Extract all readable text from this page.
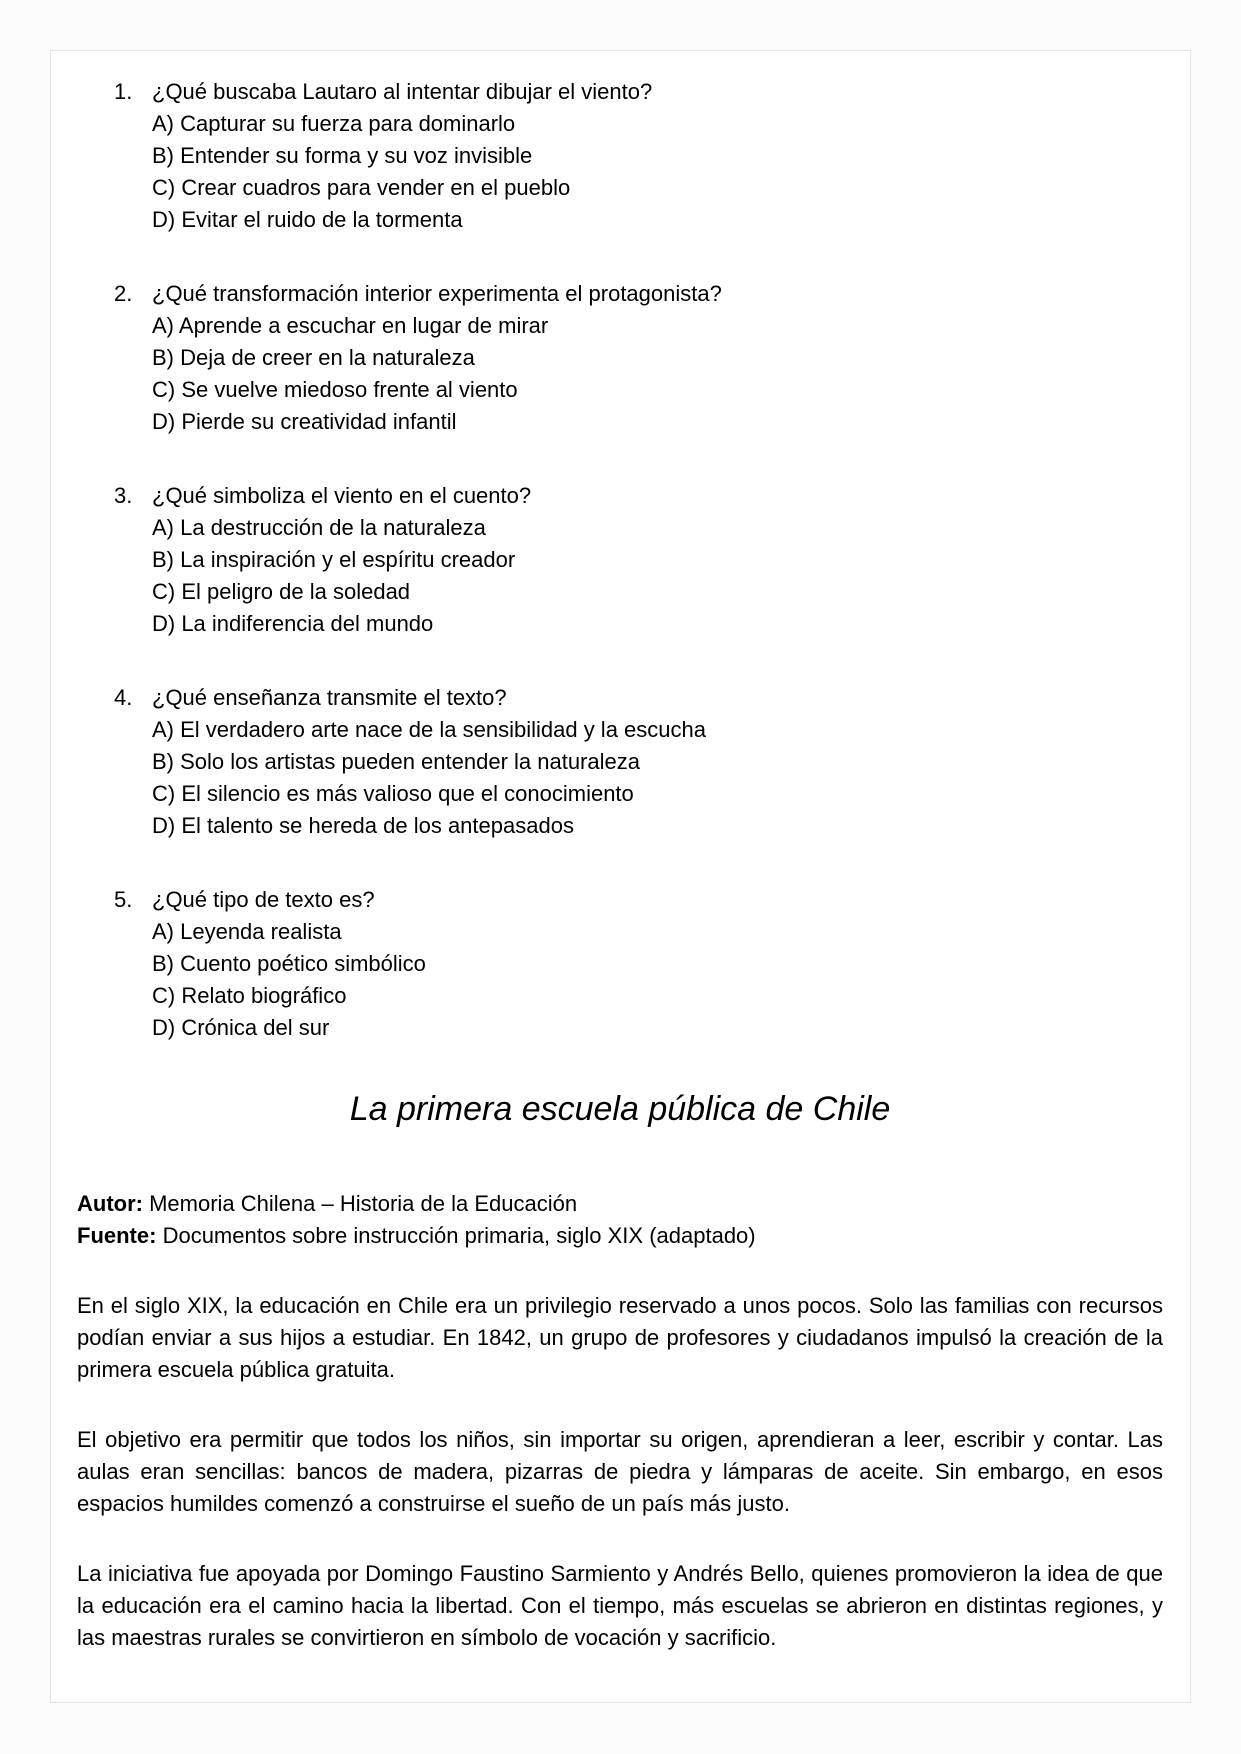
1. ¿Qué buscaba Lautaro al intentar dibujar el viento?
A) Capturar su fuerza para dominarlo
B) Entender su forma y su voz invisible
C) Crear cuadros para vender en el pueblo
D) Evitar el ruido de la tormenta
2. ¿Qué transformación interior experimenta el protagonista?
A) Aprende a escuchar en lugar de mirar
B) Deja de creer en la naturaleza
C) Se vuelve miedoso frente al viento
D) Pierde su creatividad infantil
3. ¿Qué simboliza el viento en el cuento?
A) La destrucción de la naturaleza
B) La inspiración y el espíritu creador
C) El peligro de la soledad
D) La indiferencia del mundo
4. ¿Qué enseñanza transmite el texto?
A) El verdadero arte nace de la sensibilidad y la escucha
B) Solo los artistas pueden entender la naturaleza
C) El silencio es más valioso que el conocimiento
D) El talento se hereda de los antepasados
5. ¿Qué tipo de texto es?
A) Leyenda realista
B) Cuento poético simbólico
C) Relato biográfico
D) Crónica del sur
La primera escuela pública de Chile
Autor: Memoria Chilena – Historia de la Educación
Fuente: Documentos sobre instrucción primaria, siglo XIX (adaptado)

En el siglo XIX, la educación en Chile era un privilegio reservado a unos pocos. Solo las familias con recursos podían enviar a sus hijos a estudiar. En 1842, un grupo de profesores y ciudadanos impulsó la creación de la primera escuela pública gratuita.

El objetivo era permitir que todos los niños, sin importar su origen, aprendieran a leer, escribir y contar. Las aulas eran sencillas: bancos de madera, pizarras de piedra y lámparas de aceite. Sin embargo, en esos espacios humildes comenzó a construirse el sueño de un país más justo.

La iniciativa fue apoyada por Domingo Faustino Sarmiento y Andrés Bello, quienes promovieron la idea de que la educación era el camino hacia la libertad. Con el tiempo, más escuelas se abrieron en distintas regiones, y las maestras rurales se convirtieron en símbolo de vocación y sacrificio.
